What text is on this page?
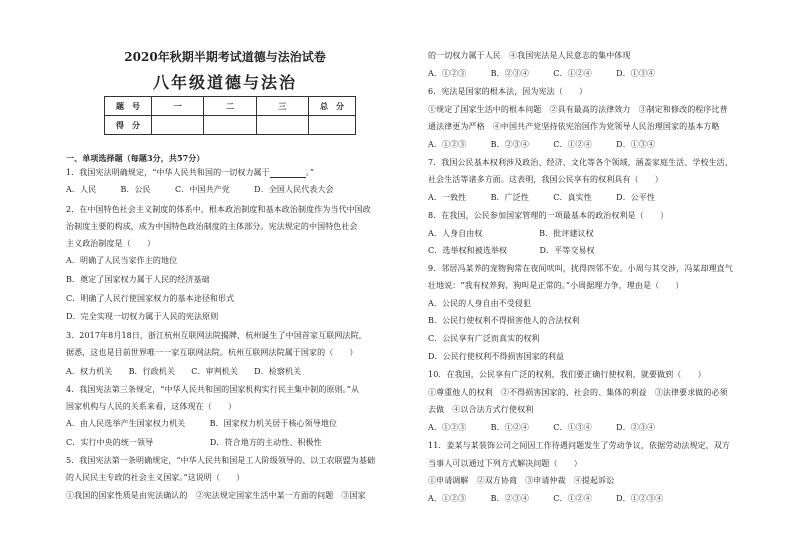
2020年秋期半期考试道德与法治试卷
八年级道德与法治
题　号	一	二	三	总　分
得　分				
一、单项选择题（每题3分，共57分）
1．我国宪法明确规定，“中华人民共和国的一切权力属于	。”
A．人民　　　B．公民　　　C．中国共产党　　　D．全国人民代表大会
2．在中国特色社会主义制度的体系中，根本政治制度和基本政治制度作为当代中国政
治制度主要的构成，成为中国特色政治制度的主体部分。宪法规定的中国特色社会
主义政治制度是（　　）
A．明确了人民当家作主的地位
B．奠定了国家权力属于人民的经济基础
C．明确了人民行使国家权力的基本途径和形式
D．完全实现一切权力属于人民的宪法原则
3．2017年8月18日，浙江杭州互联网法院揭牌，杭州诞生了中国首家互联网法院，
据悉，这也是目前世界唯一一家互联网法院。杭州互联网法院属于国家的（　　）
A．权力机关　　B．行政机关　　C．审判机关　　D．检察机关
4．我国宪法第三条规定，“中华人民共和国的国家机构实行民主集中制的原则。”从
国家机构与人民的关系来看，这体现在（　　）
A．由人民选举产生国家权力机关　　　B．国家权力机关居于核心领导地位
C．实行中央的统一领导　　　　　　　D．符合地方的主动性、积极性
5．我国宪法第一条明确规定，“中华人民共和国是工人阶级领导的、以工农联盟为基础
的人民民主专政的社会主义国家。”这说明（　　）
①我国的国家性质是由宪法确认的　②宪法规定国家生活中某一方面的问题　③国家
的一切权力属于人民　④我国宪法是人民意志的集中体现
A．①②③　　　B．②③④　　　C．①②④　　　D．①③④
6．宪法是国家的根本法，因为宪法（　　）
①规定了国家生活中的根本问题　②具有最高的法律效力　③制定和修改的程序比普
通法律更为严格　④中国共产党坚持依宪治国作为党领导人民治理国家的基本方略
A．①②③　　　B．②③④　　　C．①②④　　　D．①③④
7．我国公民基本权利涉及政治、经济、文化等各个领域，涵盖家庭生活、学校生活、
社会生活等诸多方面。这表明，我国公民享有的权利具有（　　）
A．一致性　　　B．广泛性　　　C．真实性　　　D．公平性
8．在我国，公民参加国家管理的一项最基本的政治权利是（　　）
A．人身自由权　　　　　　　B．批评建议权
C．选举权和被选举权　　　　D．平等交易权
9．邻居冯某养的宠物狗常在夜间吠叫，扰得四邻不安。小周与其交涉，冯某却理直气
壮地说：“我有权养狗，狗叫是正常的。”小周据理力争，理由是（　　）
A．公民的人身自由不受侵犯
B．公民行使权利不得损害他人的合法权利
C．公民享有广泛而真实的权利
D．公民行使权利不得损害国家的利益
10．在我国，公民享有广泛的权利，我们要正确行使权利，就要做到（　　）
①尊重他人的权利　②不得损害国家的、社会的、集体的利益　③法律要求做的必须
去做　④以合法方式行使权利
A．①②③　　　B．①②④　　　C．①③④　　　D．②③④
11．姜某与某装饰公司之间因工作待遇问题发生了劳动争议，依据劳动法规定，双方
当事人可以通过下列方式解决问题（　　）
①申请调解　②双方协商　③申请仲裁　④提起诉讼
A．①②③　　　B．②③④　　　C．①②④　　　D．①②③④
